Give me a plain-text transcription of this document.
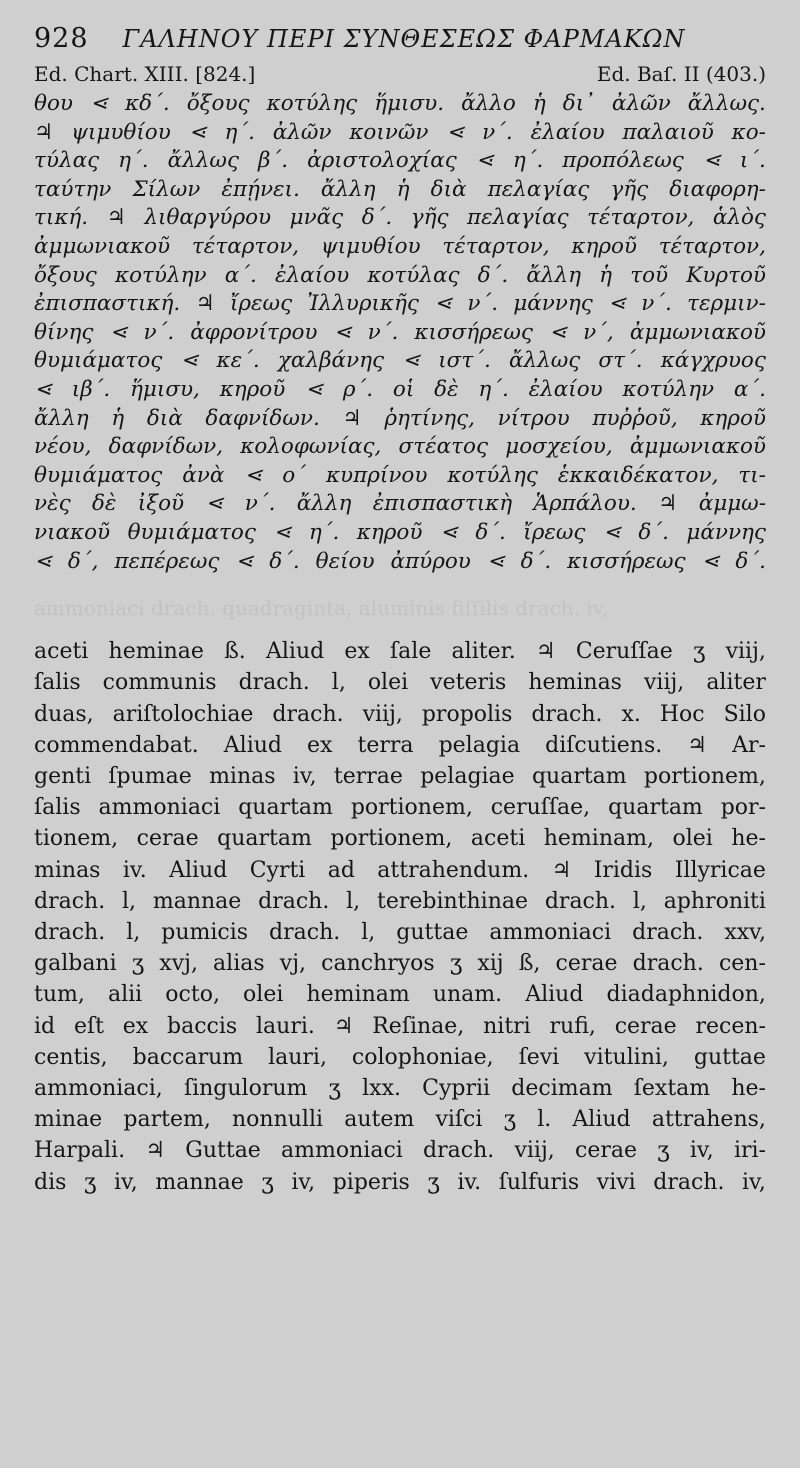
928 ΓΑΛΗΝΟΥ ΠΕΡΙ ΣΥΝΘΕΣΕΩΣ ΦΑΡΜΑΚΩΝ
Ed. Chart. XIII. [824.]	Ed. Baſ. II (403.)
θου ⋖ κδ΄. ὄξους κοτύλης ἥμισυ. ἄλλο ἡ δι᾽ ἀλῶν ἄλλως.
♃ ψιμυθίου ⋖ η΄. ἀλῶν κοινῶν ⋖ ν΄. ἐλαίου παλαιοῦ κο-
τύλας η΄. ἄλλως β΄. ἀριστολοχίας ⋖ η΄. προπόλεως ⋖ ι΄.
ταύτην Σίλων ἐπῄνει. ἄλλη ἡ διὰ πελαγίας γῆς διαφορη-
τική. ♃ λιθαργύρου μνᾶς δ΄. γῆς πελαγίας τέταρτον, ἁλὸς
ἀμμωνιακοῦ τέταρτον, ψιμυθίου τέταρτον, κηροῦ τέταρτον,
ὄξους κοτύλην α΄. ἐλαίου κοτύλας δ΄. ἄλλη ἡ τοῦ Κυρτοῦ
ἐπισπαστική. ♃ ἴρεως Ἰλλυρικῆς ⋖ ν΄. μάννης ⋖ ν΄. τερμιν-
θίνης ⋖ ν΄. ἀφρονίτρου ⋖ ν΄. κισσήρεως ⋖ ν΄, ἀμμωνιακοῦ
θυμιάματος ⋖ κε΄. χαλβάνης ⋖ ιστ΄. ἄλλως στ΄. κάγχρυος
⋖ ιβ΄. ἥμισυ, κηροῦ ⋖ ρ΄. οἱ δὲ η΄. ἐλαίου κοτύλην α΄.
ἄλλη ἡ διὰ δαφνίδων. ♃ ῥητίνης, νίτρου πυῤῥοῦ, κηροῦ
νέου, δαφνίδων, κολοφωνίας, στέατος μοσχείου, ἀμμωνιακοῦ
θυμιάματος ἀνὰ ⋖ ο΄ κυπρίνου κοτύλης ἑκκαιδέκατον, τι-
νὲς δὲ ἰξοῦ ⋖ ν΄. ἄλλη ἐπισπαστικὴ Ἁρπάλου. ♃ ἀμμω-
νιακοῦ θυμιάματος ⋖ η΄. κηροῦ ⋖ δ΄. ἴρεως ⋖ δ΄. μάννης
⋖ δ΄, πεπέρεως ⋖ δ΄. θείου ἀπύρου ⋖ δ΄. κισσήρεως ⋖ δ΄.
ammoniaci drach. quadraginta, aluminis fiſſilis drach. iv,
aceti heminae ß. Aliud ex ſale aliter. ♃ Ceruſſae ʒ viij,
ſalis communis drach. l, olei veteris heminas viij, aliter
duas, ariſtolochiae drach. viij, propolis drach. x. Hoc Silo
commendabat. Aliud ex terra pelagia diſcutiens. ♃ Ar-
genti ſpumae minas iv, terrae pelagiae quartam portionem,
ſalis ammoniaci quartam portionem, ceruſſae, quartam por-
tionem, cerae quartam portionem, aceti heminam, olei he-
minas iv. Aliud Cyrti ad attrahendum. ♃ Iridis Illyricae
drach. l, mannae drach. l, terebinthinae drach. l, aphroniti
drach. l, pumicis drach. l, guttae ammoniaci drach. xxv,
galbani ʒ xvj, alias vj, canchryos ʒ xij ß, cerae drach. cen-
tum, alii octo, olei heminam unam. Aliud diadaphnidon,
id eſt ex baccis lauri. ♃ Reſinae, nitri rufi, cerae recen-
centis, baccarum lauri, colophoniae, ſevi vitulini, guttae
ammoniaci, ſingulorum ʒ lxx. Cyprii decimam ſextam he-
minae partem, nonnulli autem viſci ʒ l. Aliud attrahens,
Harpali. ♃ Guttae ammoniaci drach. viij, cerae ʒ iv, iri-
dis ʒ iv, mannae ʒ iv, piperis ʒ iv. ſulfuris vivi drach. iv,
